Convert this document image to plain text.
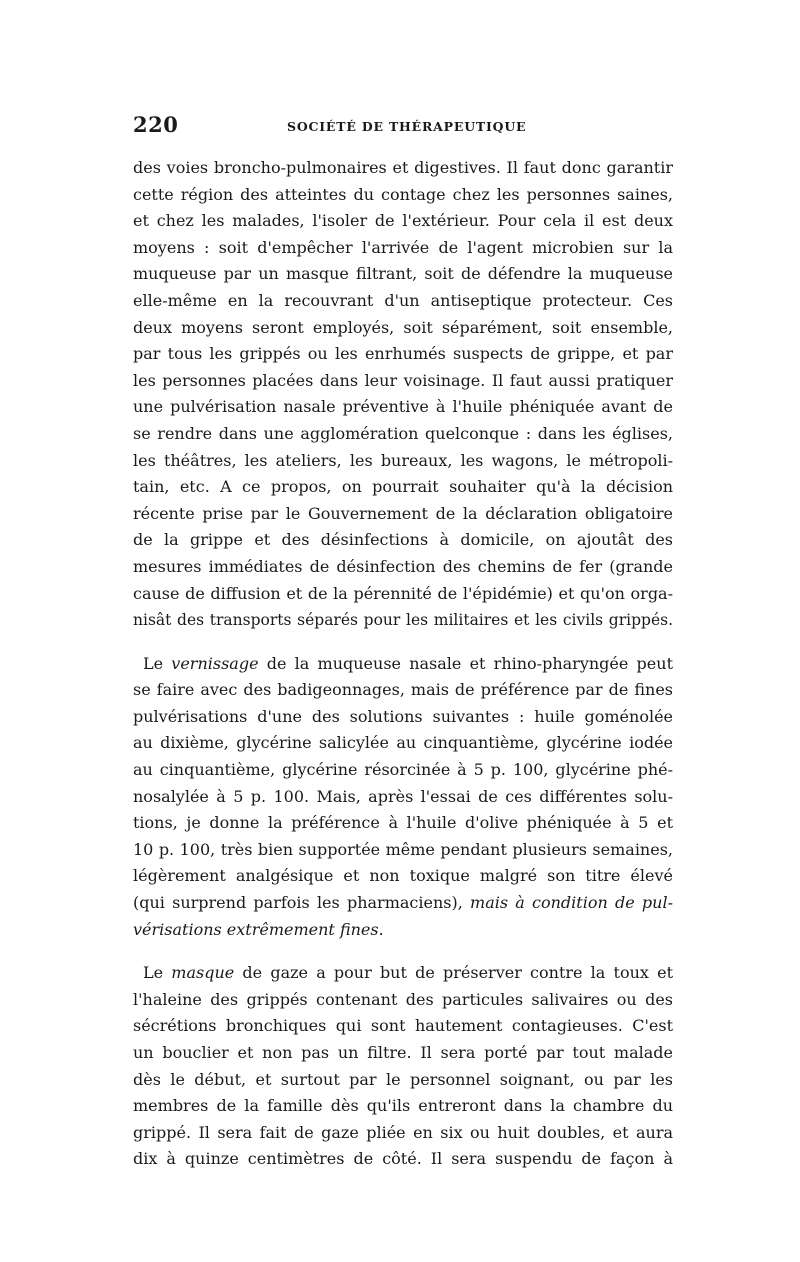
220	SOCIÉTÉ DE THÉRAPEUTIQUE

des voies broncho-pulmonaires et digestives. Il faut donc garantir
cette région des atteintes du contage chez les personnes saines,
et chez les malades, l'isoler de l'extérieur. Pour cela il est deux
moyens : soit d'empêcher l'arrivée de l'agent microbien sur la
muqueuse par un masque filtrant, soit de défendre la muqueuse
elle-même en la recouvrant d'un antiseptique protecteur. Ces
deux moyens seront employés, soit séparément, soit ensemble,
par tous les grippés ou les enrhumés suspects de grippe, et par
les personnes placées dans leur voisinage. Il faut aussi pratiquer
une pulvérisation nasale préventive à l'huile phéniquée avant de
se rendre dans une agglomération quelconque : dans les églises,
les théâtres, les ateliers, les bureaux, les wagons, le métropoli-
tain, etc. A ce propos, on pourrait souhaiter qu'à la décision
récente prise par le Gouvernement de la déclaration obligatoire
de la grippe et des désinfections à domicile, on ajoutât des
mesures immédiates de désinfection des chemins de fer (grande
cause de diffusion et de la pérennité de l'épidémie) et qu'on orga-
nisât des transports séparés pour les militaires et les civils grippés.

Le vernissage de la muqueuse nasale et rhino-pharyngée peut
se faire avec des badigeonnages, mais de préférence par de fines
pulvérisations d'une des solutions suivantes : huile goménolée
au dixième, glycérine salicylée au cinquantième, glycérine iodée
au cinquantième, glycérine résorcinée à 5 p. 100, glycérine phé-
nosalylée à 5 p. 100. Mais, après l'essai de ces différentes solu-
tions, je donne la préférence à l'huile d'olive phéniquée à 5 et
10 p. 100, très bien supportée même pendant plusieurs semaines,
légèrement analgésique et non toxique malgré son titre élevé
(qui surprend parfois les pharmaciens), mais à condition de pul-
vérisations extrêmement fines.

Le masque de gaze a pour but de préserver contre la toux et
l'haleine des grippés contenant des particules salivaires ou des
sécrétions bronchiques qui sont hautement contagieuses. C'est
un bouclier et non pas un filtre. Il sera porté par tout malade
dès le début, et surtout par le personnel soignant, ou par les
membres de la famille dès qu'ils entreront dans la chambre du
grippé. Il sera fait de gaze pliée en six ou huit doubles, et aura
dix à quinze centimètres de côté. Il sera suspendu de façon à
